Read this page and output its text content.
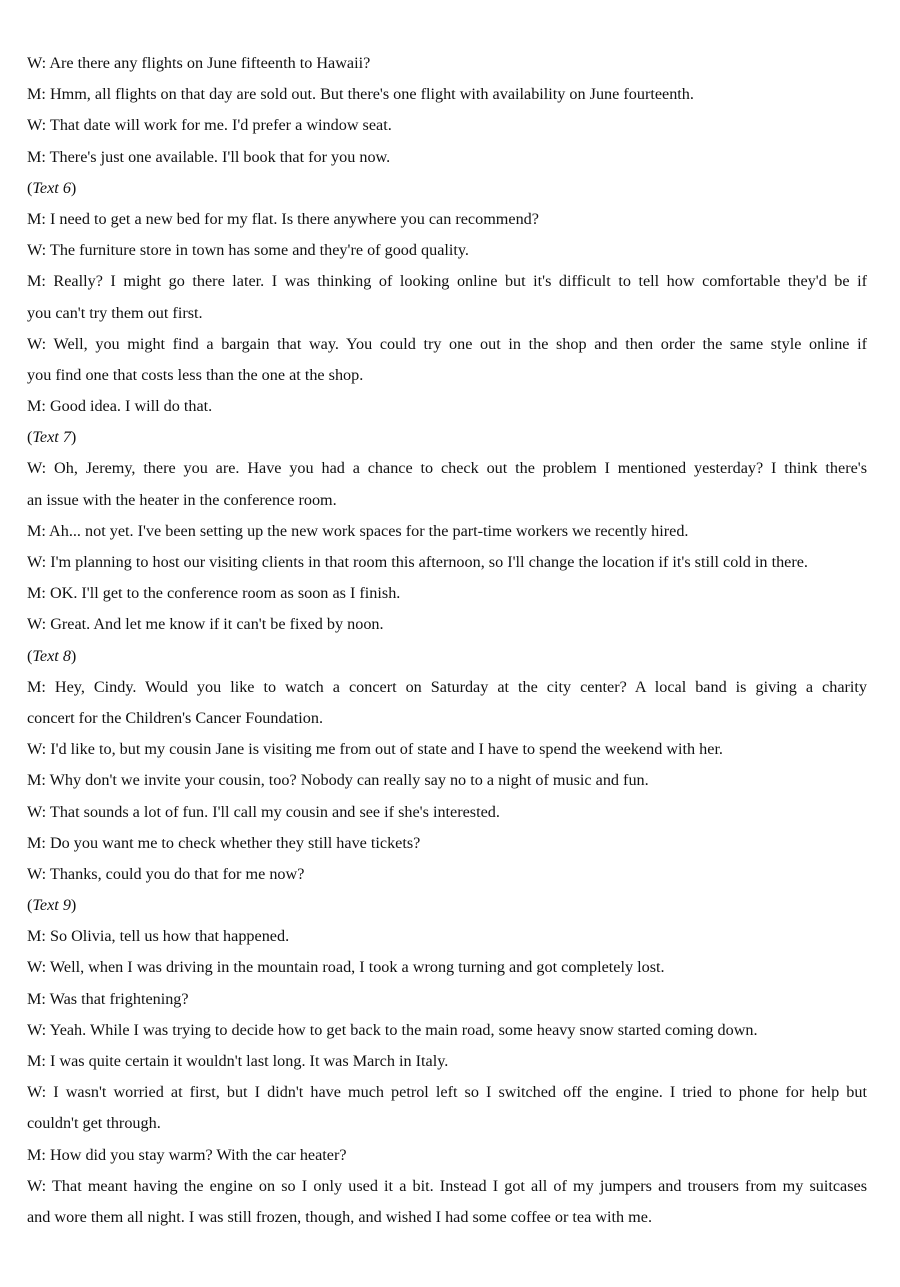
W: Are there any flights on June fifteenth to Hawaii?
M: Hmm, all flights on that day are sold out. But there's one flight with availability on June fourteenth.
W: That date will work for me. I'd prefer a window seat.
M: There's just one available. I'll book that for you now.
(Text 6)
M: I need to get a new bed for my flat. Is there anywhere you can recommend?
W: The furniture store in town has some and they're of good quality.
M: Really? I might go there later. I was thinking of looking online but it's difficult to tell how comfortable they'd be if
you can't try them out first.
W: Well, you might find a bargain that way. You could try one out in the shop and then order the same style online if
you find one that costs less than the one at the shop.
M: Good idea. I will do that.
(Text 7)
W: Oh, Jeremy, there you are. Have you had a chance to check out the problem I mentioned yesterday? I think there's
an issue with the heater in the conference room.
M: Ah... not yet. I've been setting up the new work spaces for the part-time workers we recently hired.
W: I'm planning to host our visiting clients in that room this afternoon, so I'll change the location if it's still cold in there.
M: OK. I'll get to the conference room as soon as I finish.
W: Great. And let me know if it can't be fixed by noon.
(Text 8)
M: Hey, Cindy. Would you like to watch a concert on Saturday at the city center? A local band is giving a charity
concert for the Children's Cancer Foundation.
W: I'd like to, but my cousin Jane is visiting me from out of state and I have to spend the weekend with her.
M: Why don't we invite your cousin, too? Nobody can really say no to a night of music and fun.
W: That sounds a lot of fun. I'll call my cousin and see if she's interested.
M: Do you want me to check whether they still have tickets?
W: Thanks, could you do that for me now?
(Text 9)
M: So Olivia, tell us how that happened.
W: Well, when I was driving in the mountain road, I took a wrong turning and got completely lost.
M: Was that frightening?
W: Yeah. While I was trying to decide how to get back to the main road, some heavy snow started coming down.
M: I was quite certain it wouldn't last long. It was March in Italy.
W: I wasn't worried at first, but I didn't have much petrol left so I switched off the engine. I tried to phone for help but
couldn't get through.
M: How did you stay warm? With the car heater?
W: That meant having the engine on so I only used it a bit. Instead I got all of my jumpers and trousers from my suitcases
and wore them all night. I was still frozen, though, and wished I had some coffee or tea with me.
